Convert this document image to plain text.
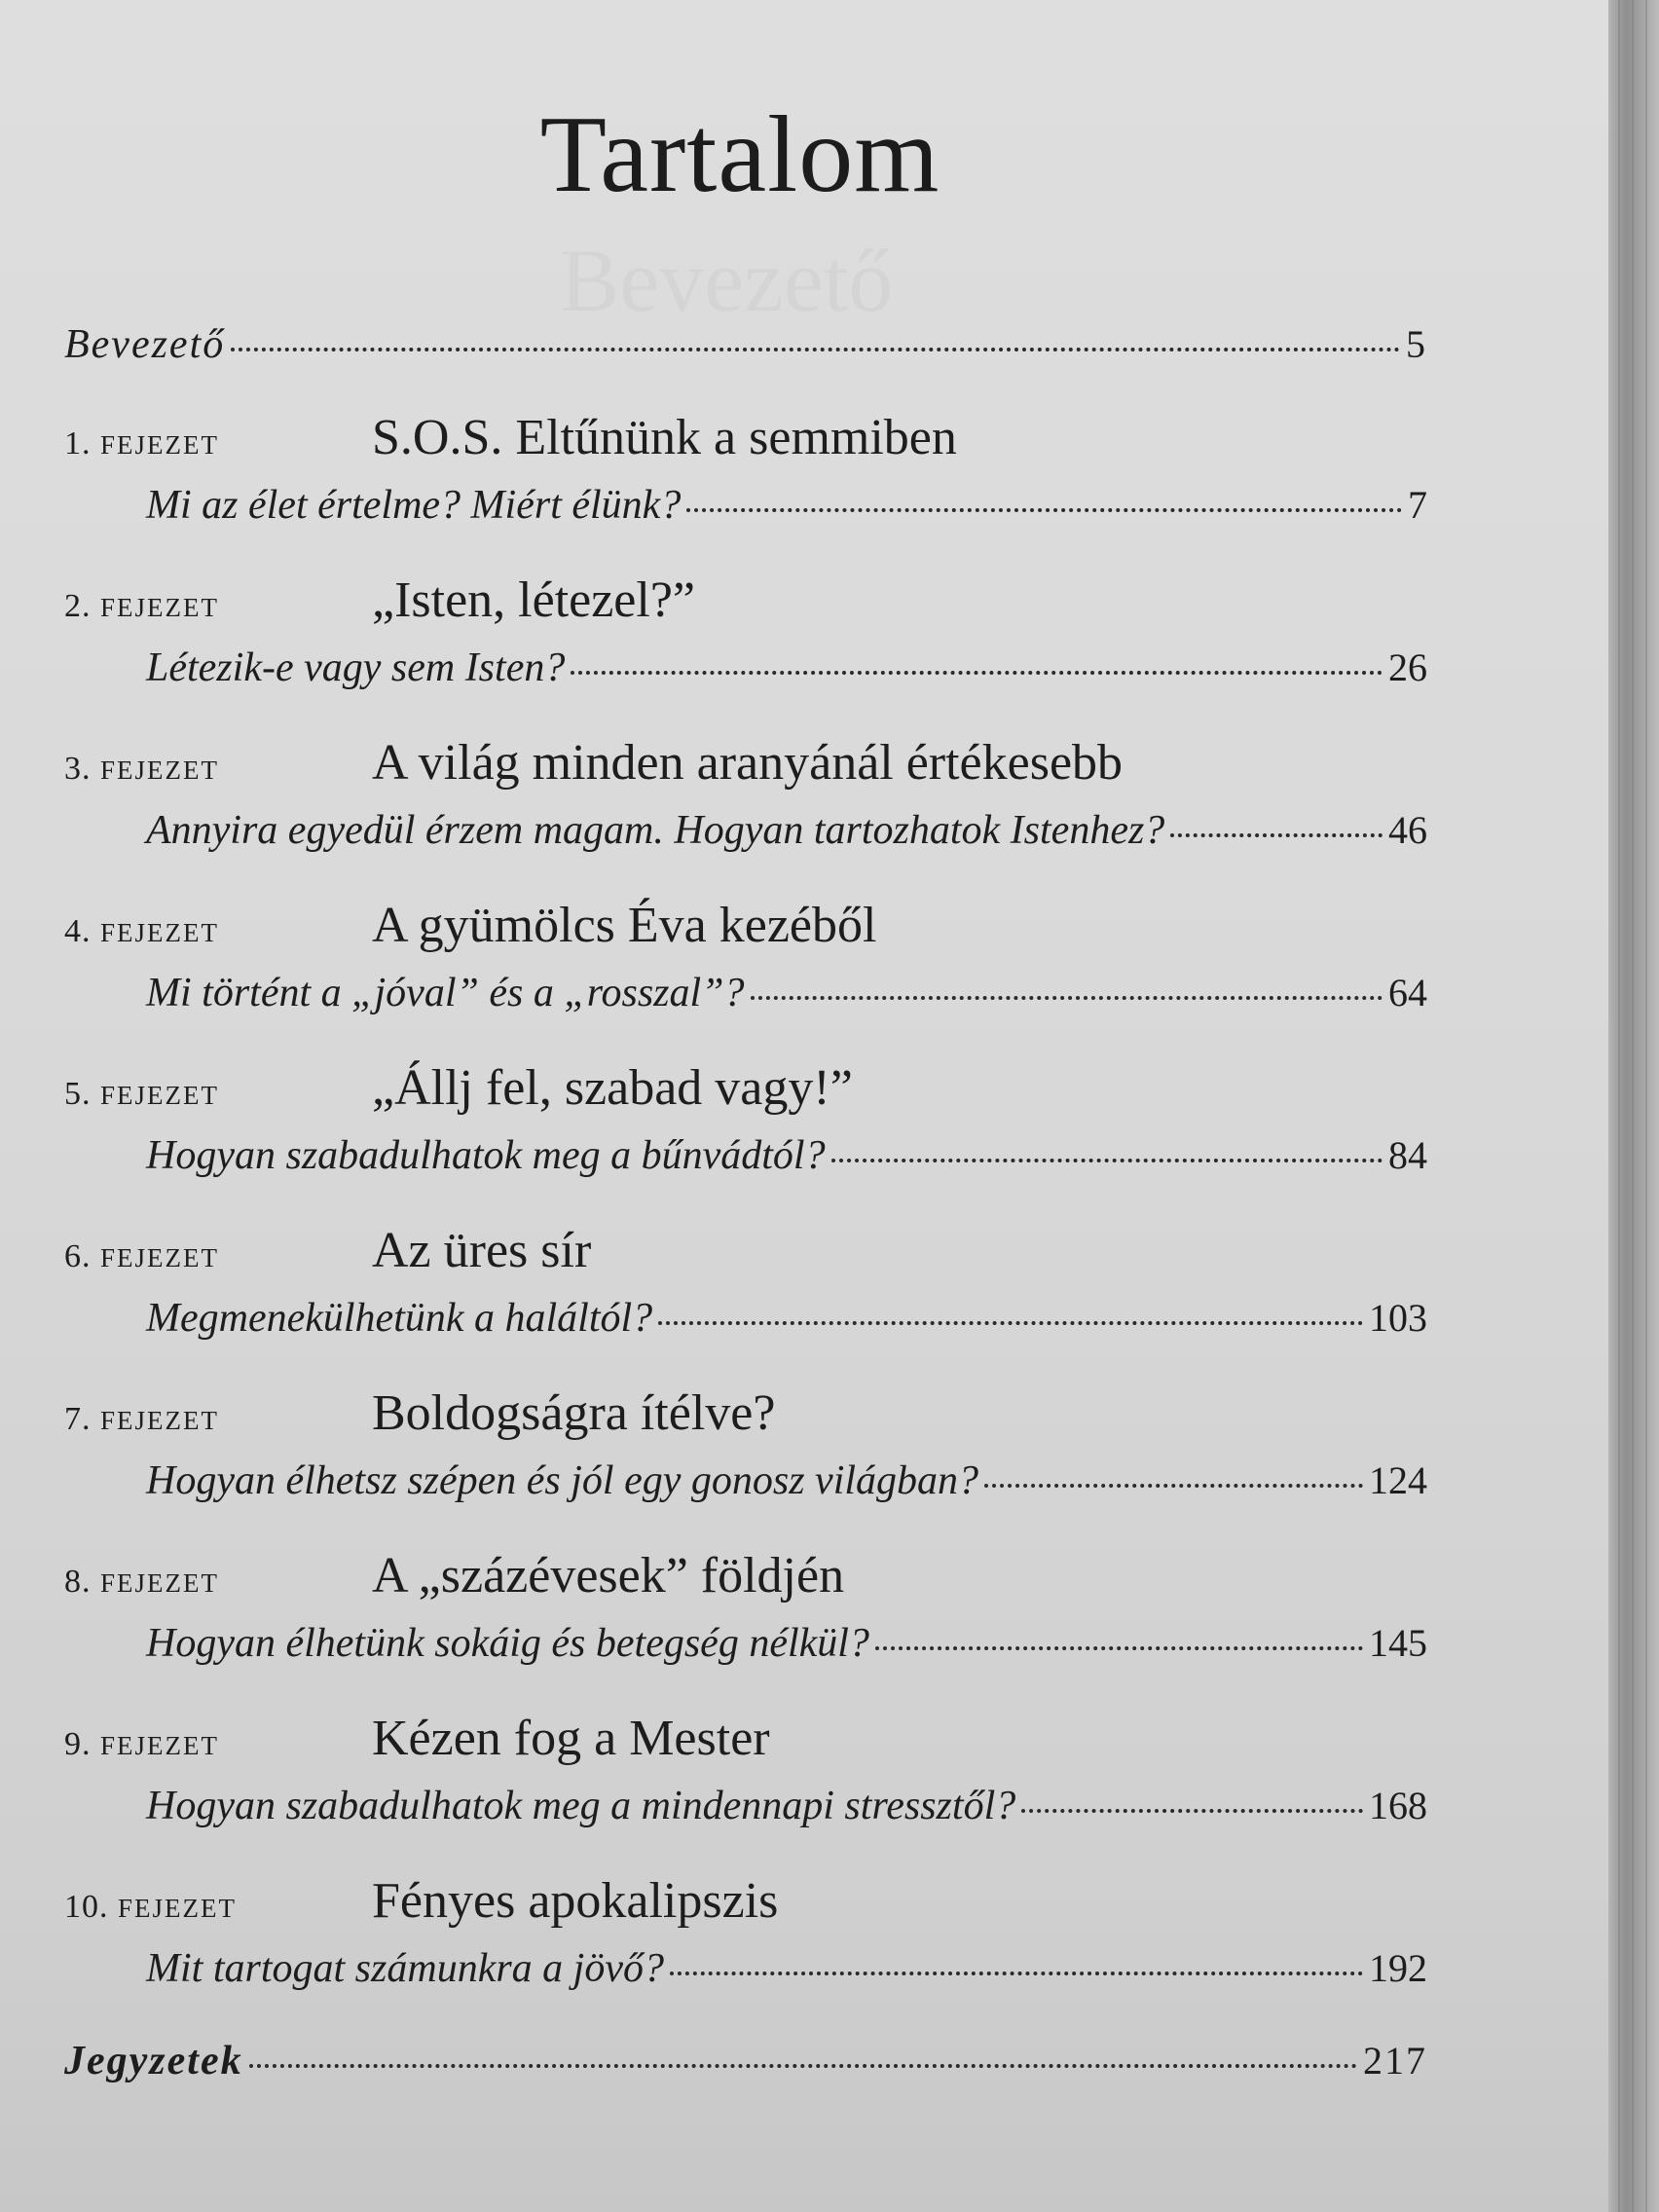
Bevezető
Tartalom
Bevezető	5
1. FEJEZET	S.O.S. Eltűnünk a semmiben
Mi az élet értelme? Miért élünk?	7
2. FEJEZET	„Isten, létezel?”
Létezik-e vagy sem Isten?	26
3. FEJEZET	A világ minden aranyánál értékesebb
Annyira egyedül érzem magam. Hogyan tartozhatok Istenhez?	46
4. FEJEZET	A gyümölcs Éva kezéből
Mi történt a „jóval” és a „rosszal”?	64
5. FEJEZET	„Állj fel, szabad vagy!”
Hogyan szabadulhatok meg a bűnvádtól?	84
6. FEJEZET	Az üres sír
Megmenekülhetünk a haláltól?	103
7. FEJEZET	Boldogságra ítélve?
Hogyan élhetsz szépen és jól egy gonosz világban?	124
8. FEJEZET	A „százévesek” földjén
Hogyan élhetünk sokáig és betegség nélkül?	145
9. FEJEZET	Kézen fog a Mester
Hogyan szabadulhatok meg a mindennapi stressztől?	168
10. FEJEZET	Fényes apokalipszis
Mit tartogat számunkra a jövő?	192
Jegyzetek	217
